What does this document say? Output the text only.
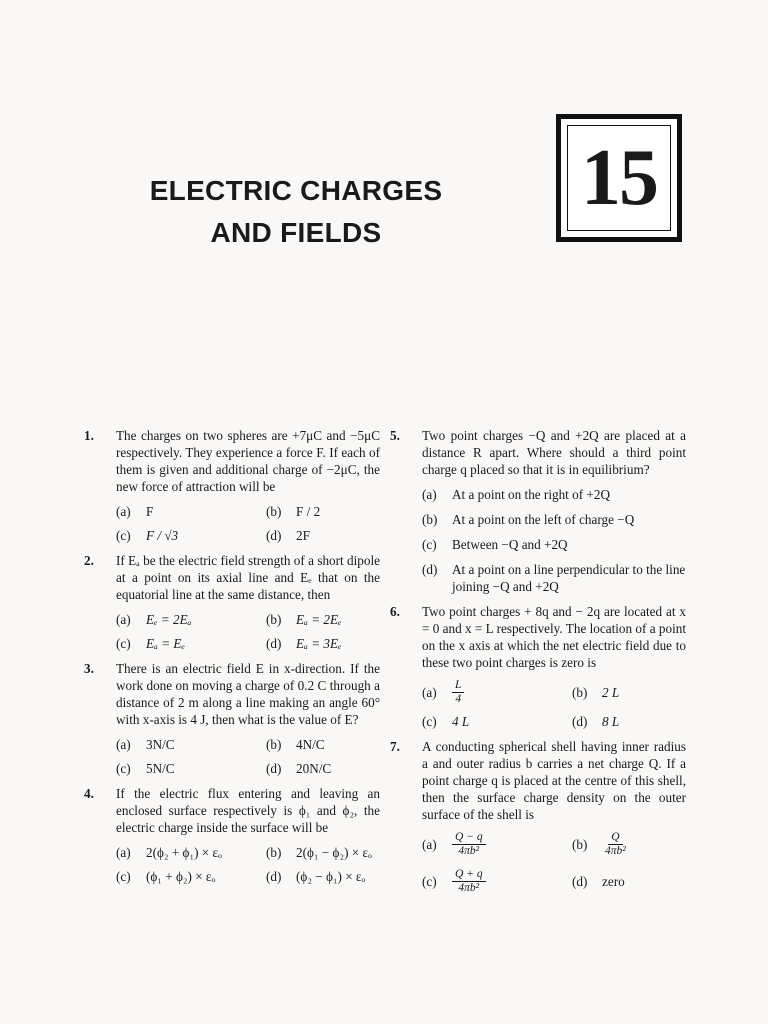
ELECTRIC CHARGES
AND FIELDS
15
1. The charges on two spheres are +7μC and −5μC respectively. They experience a force F. If each of them is given and additional charge of −2μC, the new force of attraction will be
(a)	F	(b)	F / 2
(c)	F / √3	(d)	2F
2. If Eₐ be the electric field strength of a short dipole at a point on its axial line and Eₑ that on the equatorial line at the same distance, then
(a)	Eₑ = 2Eₐ	(b)	Eₐ = 2Eₑ
(c)	Eₐ = Eₑ	(d)	Eₐ = 3Eₑ
3. There is an electric field E in x-direction. If the work done on moving a charge of 0.2 C through a distance of 2 m along a line making an angle 60° with x-axis is 4 J, then what is the value of E?
(a)	3N/C	(b)	4N/C
(c)	5N/C	(d)	20N/C
4. If the electric flux entering and leaving an enclosed surface respectively is ϕ₁ and ϕ₂, the electric charge inside the surface will be
(a)	2(ϕ₂ + ϕ₁) × εₒ	(b)	2(ϕ₁ − ϕ₂) × εₒ
(c)	(ϕ₁ + ϕ₂) × εₒ	(d)	(ϕ₂ − ϕ₁) × εₒ
5. Two point charges −Q and +2Q are placed at a distance R apart. Where should a third point charge q placed so that it is in equilibrium?
(a)	At a point on the right of +2Q
(b)	At a point on the left of charge −Q
(c)	Between −Q and +2Q
(d)	At a point on a line perpendicular to the line joining −Q and +2Q
6. Two point charges + 8q and − 2q are located at x = 0 and x = L respectively. The location of a point on the x axis at which the net electric field due to these two point charges is zero is
(a)	$\frac{L}{4}$	(b)	2 L
(c)	4 L	(d)	8 L
7. A conducting spherical shell having inner radius a and outer radius b carries a net charge Q. If a point charge q is placed at the centre of this shell, then the surface charge density on the outer surface of the shell is
(a)	$\frac{Q - q}{\text{4πb²}}$	(b)	$\frac{Q}{\text{4πb²}}$
(c)	$\frac{Q + q}{\text{4πb²}}$	(d)	zero
